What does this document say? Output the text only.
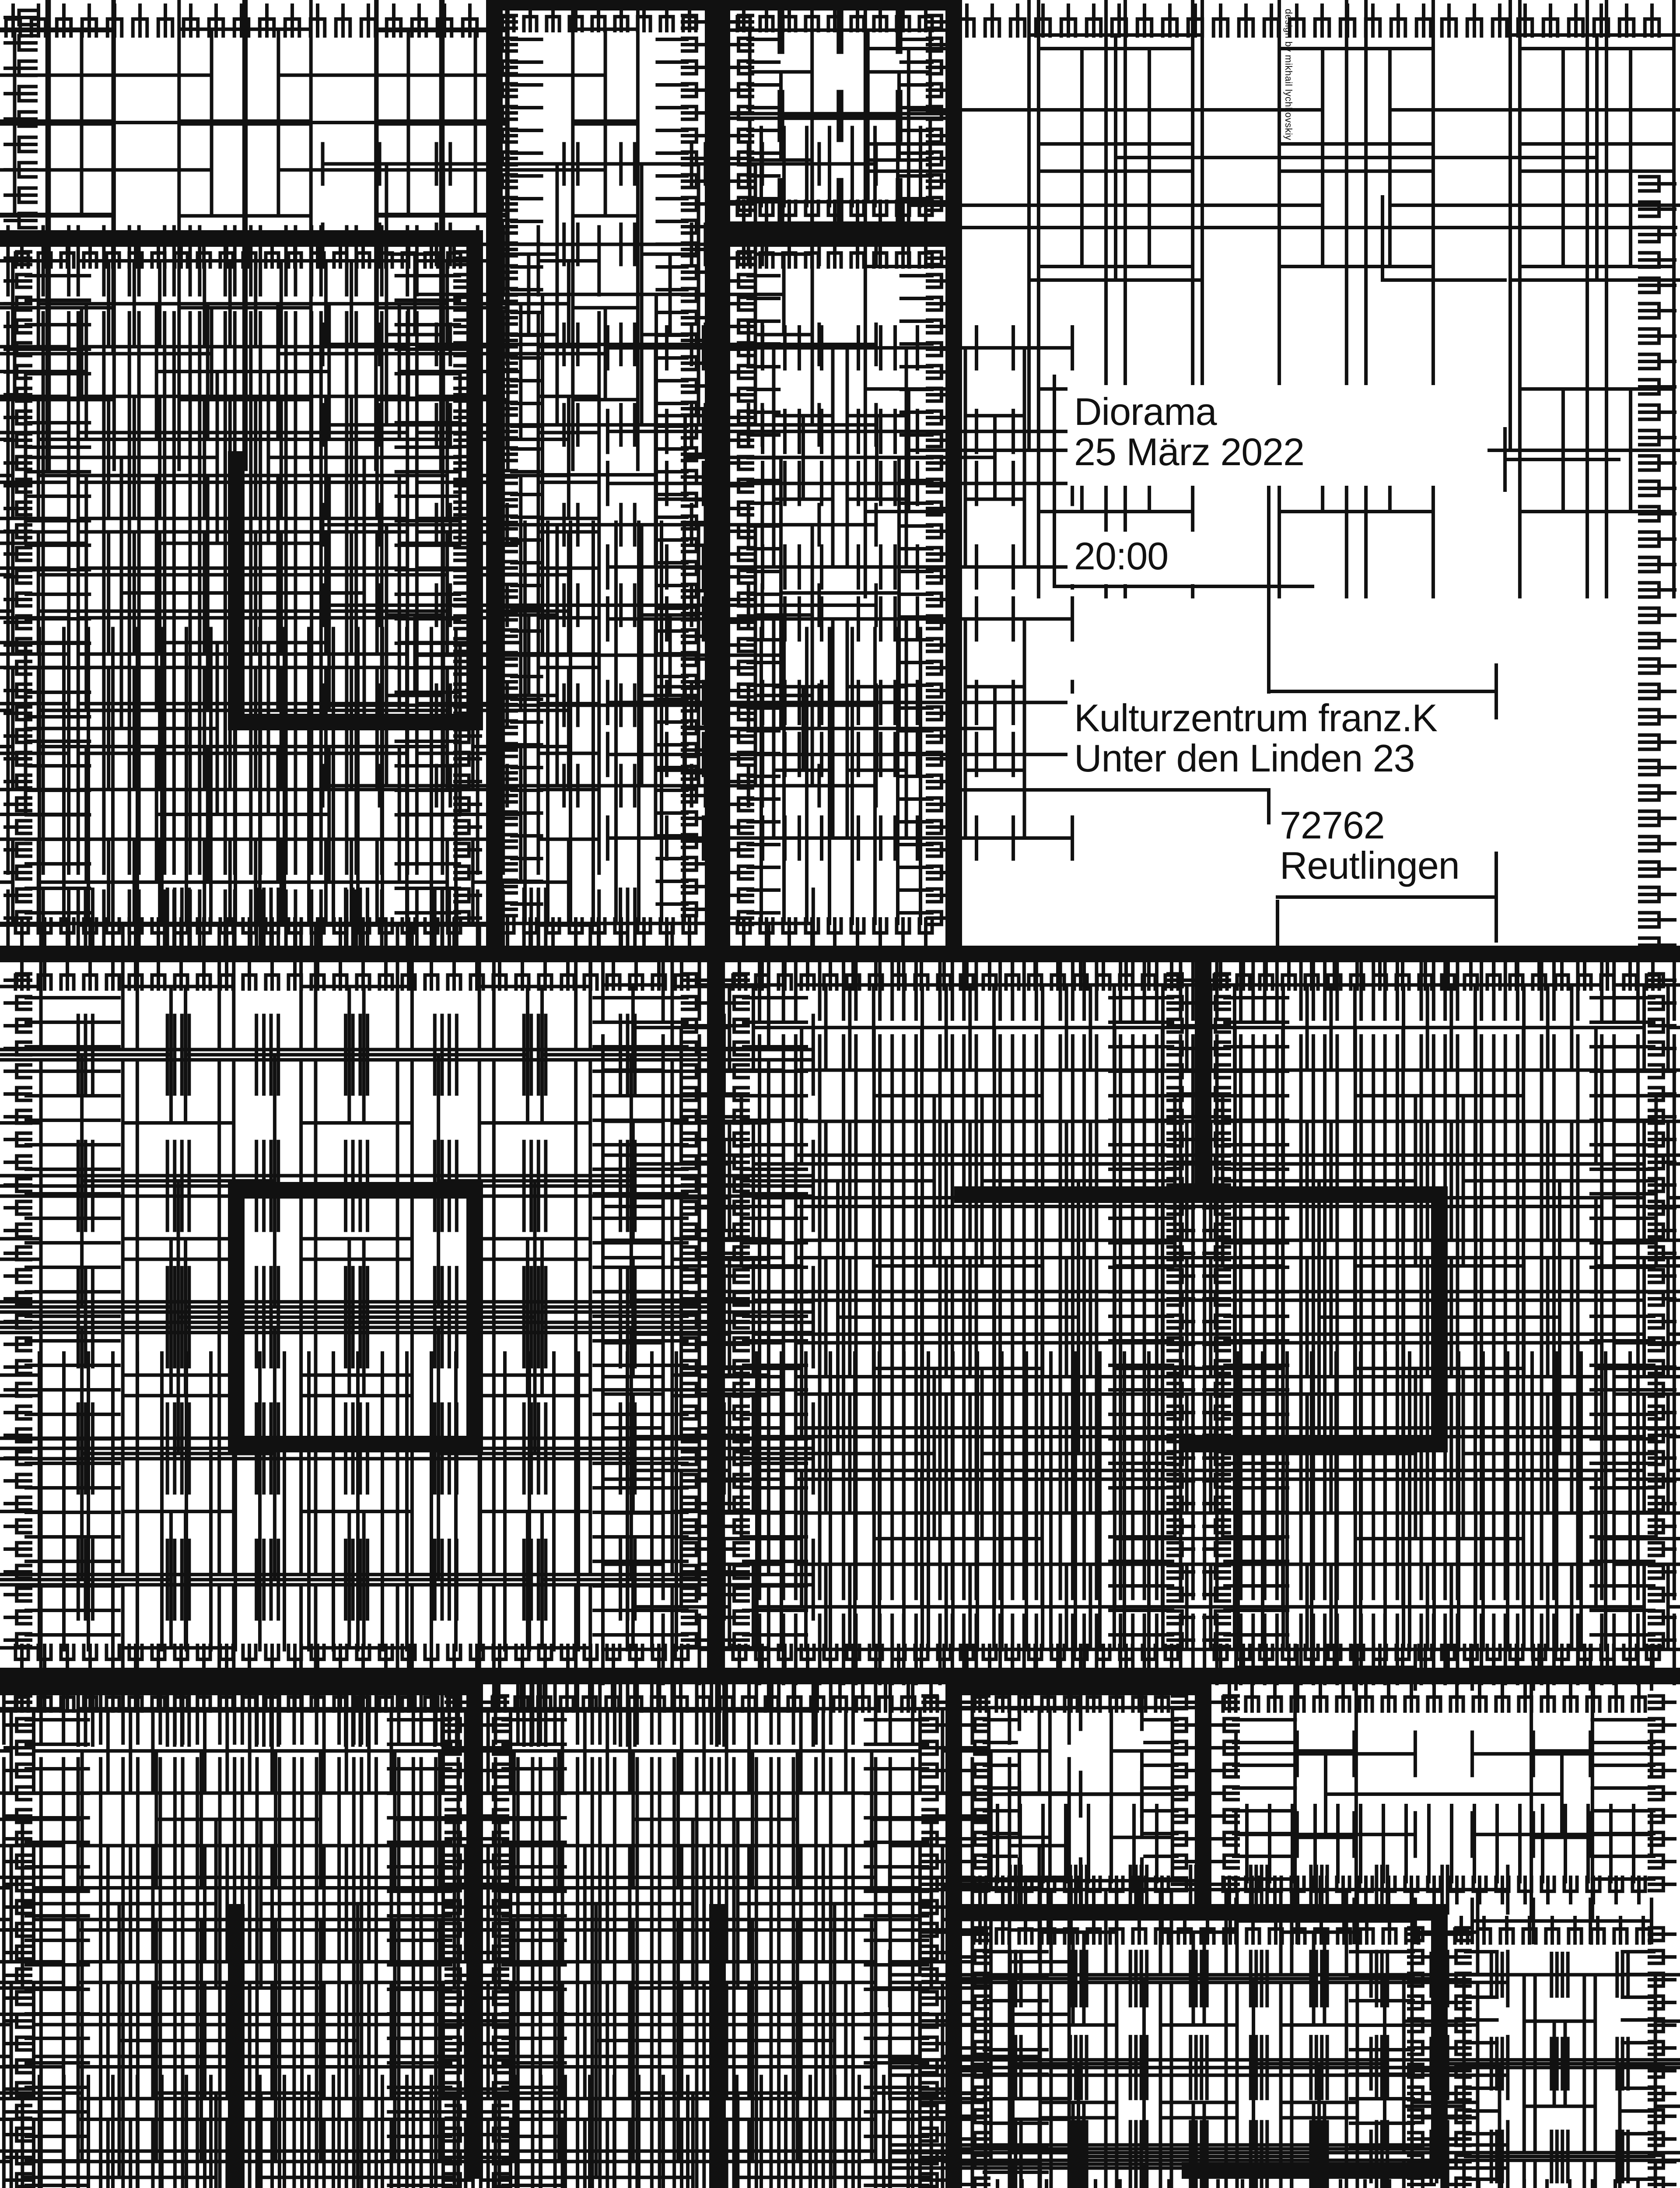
Diorama
25 März 2022
20:00
Kulturzentrum franz.K
Unter den Linden 23
72762
Reutlingen
design by mikhail lychkovskiy
